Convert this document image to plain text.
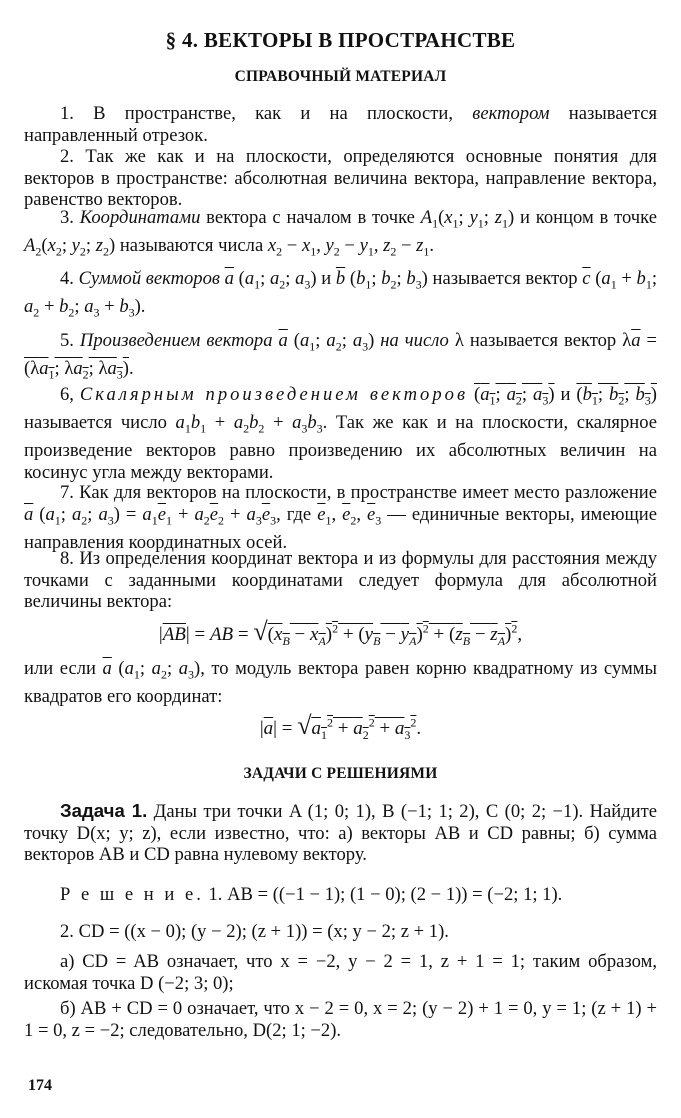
§ 4. ВЕКТОРЫ В ПРОСТРАНСТВЕ
СПРАВОЧНЫЙ МАТЕРИАЛ
1. В пространстве, как и на плоскости, вектором называется направленный отрезок.
2. Так же как и на плоскости, определяются основные понятия для векторов в пространстве: абсолютная величина вектора, направление вектора, равенство векторов.
3. Координатами вектора с началом в точке $A_1(x_1$; $y_1$; $z_1$) и концом в точке $A_2(x_2$; $y_2$; $z_2$) называются числа $x_2 - x_1$, $y_2 - y_1$, $z_2 - z_1$.
4. Суммой векторов $\overline{a}$ ($a_1$; $a_2$; $a_3$) и $\overline{b}$ ($b_1$; $b_2$; $b_3$) называется вектор $\overline{c}$ ($a_1 + b_1$; $a_2 + b_2$; $a_3 + b_3$).
5. Произведением вектора $\overline{a}$ ($a_1$; $a_2$; $a_3$) на число λ называется вектор $\lambda\overline{a} = (\lambda a_1$; $\lambda a_2$; $\lambda a_3$).
6, Скалярным произведением векторов ($a_1$; $a_2$; $a_3$) и ($b_1$; $b_2$; $b_3$) называется число $a_1b_1 + a_2b_2 + a_3b_3$. Так же как и на плоскости, скалярное произведение векторов равно произведению их абсолютных величин на косинус угла между векторами.
7. Как для векторов на плоскости, в пространстве имеет место разложение $\overline{a}$ ($a_1$; $a_2$; $a_3) = a_1\overline{e}_1 + a_2\overline{e}_2 + a_3\overline{e}_3$, где $\overline{e}_1$, $\overline{e}_2$, $\overline{e}_3$ — единичные векторы, имеющие направления координатных осей.
8. Из определения координат вектора и из формулы для расстояния между точками с заданными координатами следует формула для абсолютной величины вектора:
$|\overline{AB}|$ = AB = $√(x_B - x_A)^2 + (y_B - y_A)^2 + (z_B - z_A)^2$,
или если $\overline{a}$ ($a_1$; $a_2$; $a_3$), то модуль вектора равен корню квадратному из суммы квадратов его координат:
$|\overline{a}| = √a_1^2 + a_2^2 + a_3^2$.
ЗАДАЧИ С РЕШЕНИЯМИ
Задача 1. Даны три точки A (1; 0; 1), B (−1; 1; 2), C (0; 2; −1). Найдите точку D(x; y; z), если известно, что: а) векторы AB и CD равны; б) сумма векторов AB и CD равна нулевому вектору.
Р е ш е н и е. 1. AB = ((−1 − 1); (1 − 0); (2 − 1)) = (−2; 1; 1).
2. CD = ((x − 0); (y − 2); (z + 1)) = (x; y − 2; z + 1).
а) CD = AB означает, что x = −2, y − 2 = 1, z + 1 = 1; таким образом, искомая точка D (−2; 3; 0);
б) AB + CD = 0 означает, что x − 2 = 0, x = 2; (y − 2) + 1 = 0, y = 1; (z + 1) + 1 = 0, z = −2; следовательно, D(2; 1; −2).
174
